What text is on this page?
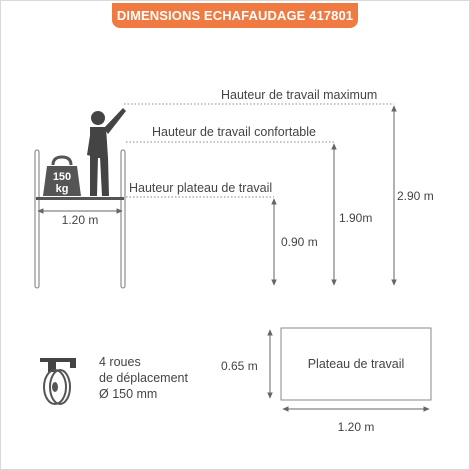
DIMENSIONS ECHAFAUDAGE 417801
150
kg
1.20 m
Hauteur de travail maximum
Hauteur de travail confortable
Hauteur plateau de travail
2.90 m
1.90m
0.90 m
4 roues
de déplacement
Ø 150 mm
Plateau de travail
0.65 m
1.20 m
